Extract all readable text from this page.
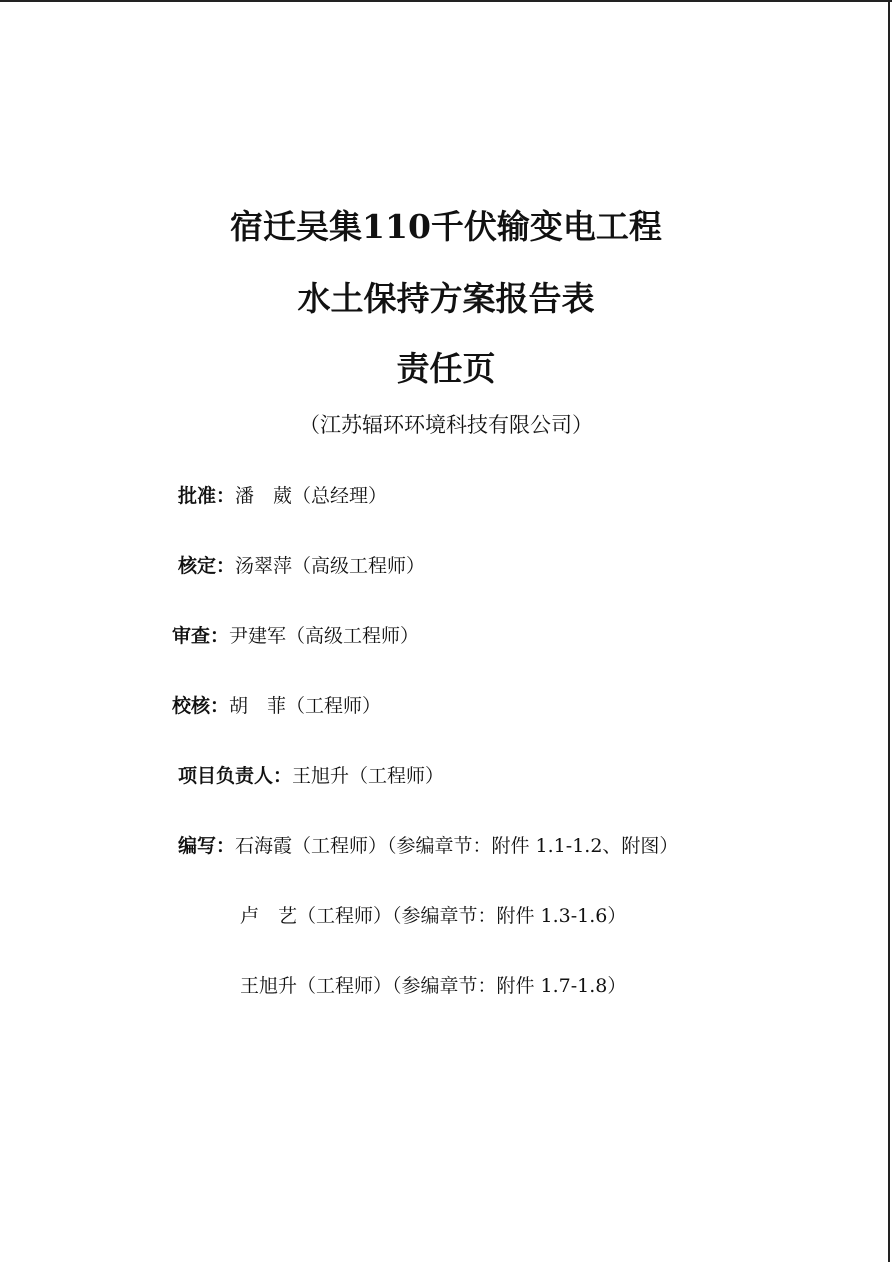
宿迁吴集110千伏输变电工程
水土保持方案报告表
责任页
（江苏辐环环境科技有限公司）
批准：潘　葳（总经理）
核定：汤翠萍（高级工程师）
审查：尹建军（高级工程师）
校核：胡　菲（工程师）
项目负责人：王旭升（工程师）
编写：石海霞（工程师）（参编章节：附件 1.1-1.2、附图）
卢　艺（工程师）（参编章节：附件 1.3-1.6）
王旭升（工程师）（参编章节：附件 1.7-1.8）
